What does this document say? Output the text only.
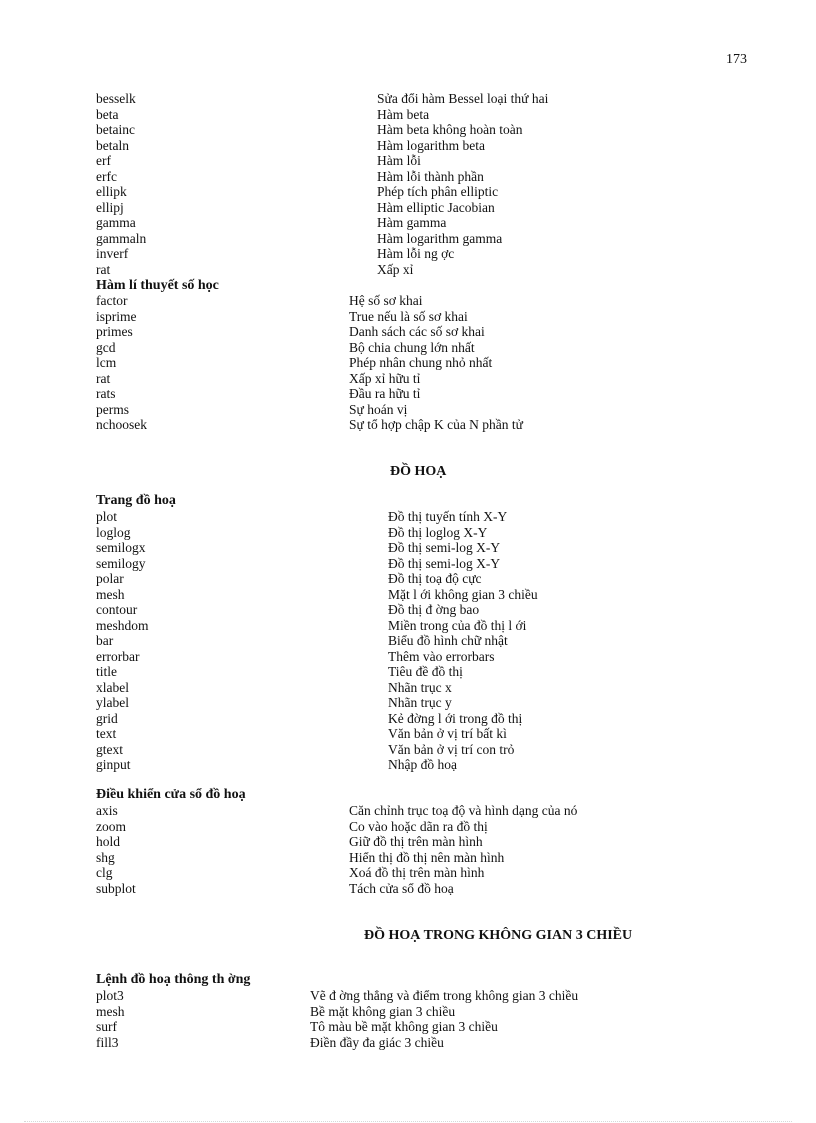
173
besselk	Sửa đổi hàm Bessel loại thứ hai
beta	Hàm beta
betainc	Hàm beta không hoàn toàn
betaln	Hàm logarithm beta
erf	Hàm lỗi
erfc	Hàm lỗi thành phần
ellipk	Phép tích phân elliptic
ellipj	Hàm elliptic Jacobian
gamma	Hàm gamma
gammaln	Hàm logarithm gamma
inverf	Hàm lỗi ng ợc
rat	Xấp xỉ
Hàm lí thuyết số học
factor	Hệ số sơ khai
isprime	True nếu là số sơ khai
primes	Danh sách các số sơ khai
gcd	Bộ chia chung lớn nhất
lcm	Phép nhân chung nhỏ nhất
rat	Xấp xỉ hữu tỉ
rats	Đầu ra hữu tỉ
perms	Sự hoán vị
nchoosek	Sự tổ hợp chập K của N phần tử
ĐỒ HOẠ
Trang đồ hoạ
plot	Đồ thị tuyến tính X-Y
loglog	Đồ thị loglog X-Y
semilogx	Đồ thị semi-log X-Y
semilogy	Đồ thị semi-log X-Y
polar	Đồ thị toạ độ cực
mesh	Mặt l ới không gian 3 chiều
contour	Đồ thị đ ờng bao
meshdom	Miền trong của đồ thị l ới
bar	Biểu đồ hình chữ nhật
errorbar	Thêm vào errorbars
title	Tiêu đề đồ thị
xlabel	Nhãn trục x
ylabel	Nhãn trục y
grid	Kẻ đờng l ới trong đồ thị
text	Văn bản ở vị trí bất kì
gtext	Văn bản ở vị trí con trỏ
ginput	Nhập đồ hoạ
Điều khiển cửa sổ đồ hoạ
axis	Căn chỉnh trục toạ độ và hình dạng của nó
zoom	Co vào hoặc dãn ra đồ thị
hold	Giữ đồ thị trên màn hình
shg	Hiển thị đồ thị nên màn hình
clg	Xoá đồ thị trên màn hình
subplot	Tách cửa sổ đồ hoạ
ĐỒ HOẠ TRONG KHÔNG GIAN 3 CHIỀU
Lệnh đồ hoạ thông th ờng
plot3	Vẽ đ ờng thẳng và điểm trong không gian 3 chiều
mesh	Bề mặt không gian 3 chiều
surf	Tô màu bề mặt không gian 3 chiều
fill3	Điền đầy đa giác 3 chiều
